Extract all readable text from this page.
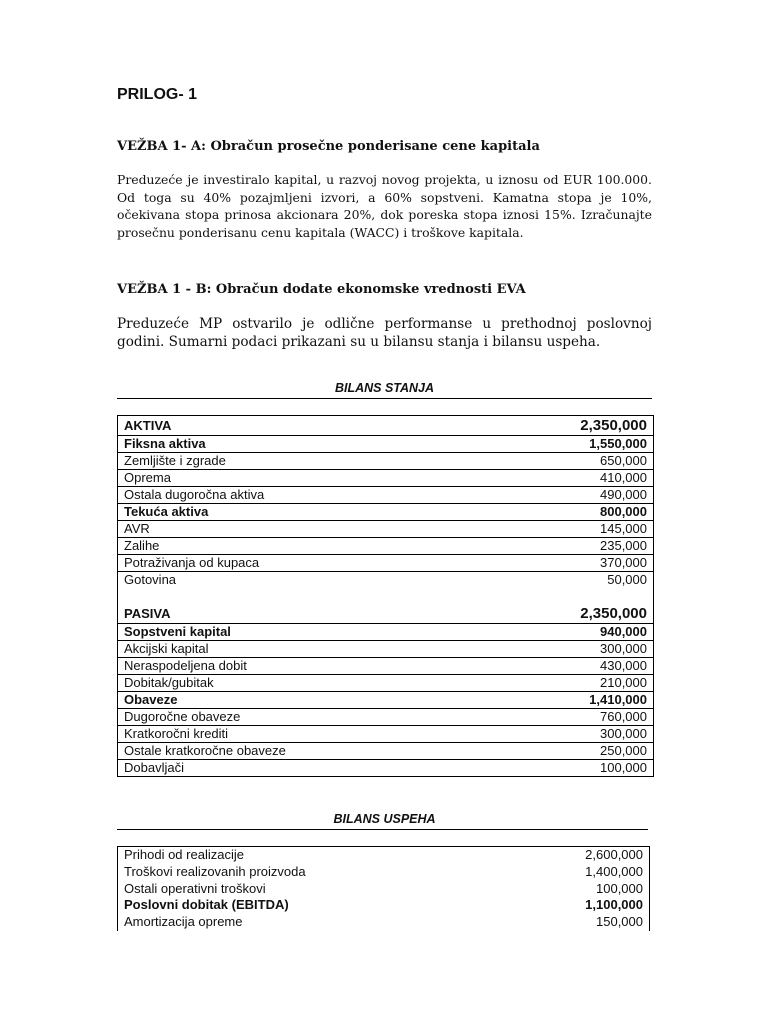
PRILOG- 1
VEŽBA 1- A: Obračun prosečne ponderisane cene kapitala
Preduzeće je investiralo kapital, u razvoj novog projekta, u iznosu od EUR 100.000. Od toga su 40% pozajmljeni izvori, a 60% sopstveni. Kamatna stopa je 10%, očekivana stopa prinosa akcionara 20%, dok poreska stopa iznosi 15%. Izračunajte prosečnu ponderisanu cenu kapitala (WACC) i troškove kapitala.
VEŽBA 1 - B: Obračun dodate ekonomske vrednosti EVA
Preduzeće MP ostvarilo je odlične performanse u prethodnoj poslovnoj godini. Sumarni podaci prikazani su u bilansu stanja i bilansu uspeha.
BILANS STANJA
AKTIVA	2,350,000
Fiksna aktiva	1,550,000
Zemljište i zgrade	650,000
Oprema	410,000
Ostala dugoročna aktiva	490,000
Tekuća aktiva	800,000
AVR	145,000
Zalihe	235,000
Potraživanja od kupaca	370,000
Gotovina	50,000

PASIVA	2,350,000
Sopstveni kapital	940,000
Akcijski kapital	300,000
Neraspodeljena dobit	430,000
Dobitak/gubitak	210,000
Obaveze	1,410,000
Dugoročne obaveze	760,000
Kratkoročni krediti	300,000
Ostale kratkoročne obaveze	250,000
Dobavljači	100,000
BILANS USPEHA
Prihodi od realizacije	2,600,000
Troškovi realizovanih proizvoda	1,400,000
Ostali operativni troškovi	100,000
Poslovni dobitak (EBITDA)	1,100,000
Amortizacija opreme	150,000
